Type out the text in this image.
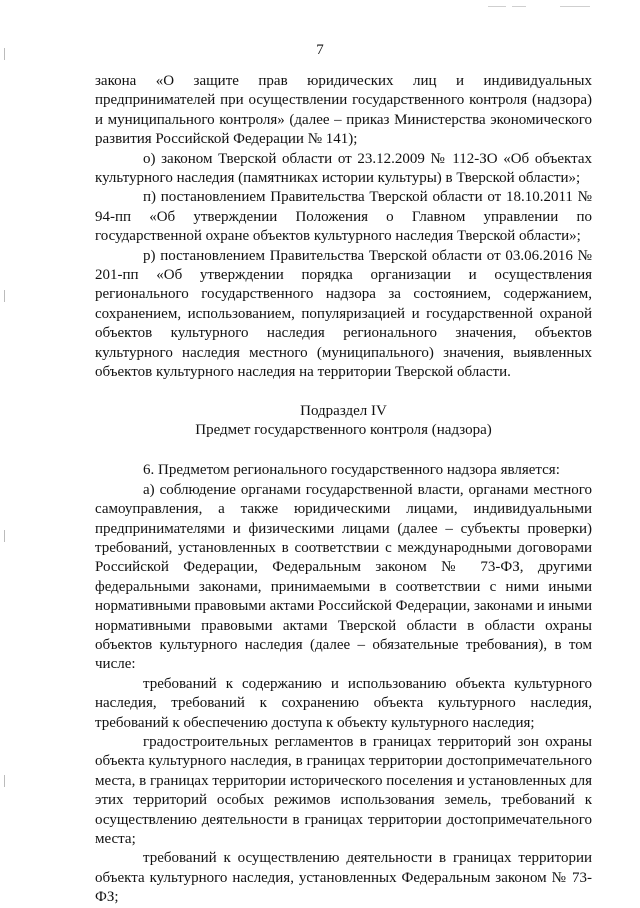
7

закона «О защите прав юридических лиц и индивидуальных предпринимателей при осуществлении государственного контроля (надзора) и муниципального контроля» (далее – приказ Министерства экономического развития Российской Федерации № 141);

о) законом Тверской области от 23.12.2009 № 112-ЗО «Об объектах культурного наследия (памятниках истории культуры) в Тверской области»;

п) постановлением Правительства Тверской области от 18.10.2011 № 94-пп «Об утверждении Положения о Главном управлении по государственной охране объектов культурного наследия Тверской области»;

р) постановлением Правительства Тверской области от 03.06.2016 № 201-пп «Об утверждении порядка организации и осуществления регионального государственного надзора за состоянием, содержанием, сохранением, использованием, популяризацией и государственной охраной объектов культурного наследия регионального значения, объектов культурного наследия местного (муниципального) значения, выявленных объектов культурного наследия на территории Тверской области.

Подраздел IV

Предмет государственного контроля (надзора)

6. Предметом регионального государственного надзора является:

а) соблюдение органами государственной власти, органами местного самоуправления, а также юридическими лицами, индивидуальными предпринимателями и физическими лицами (далее – субъекты проверки) требований, установленных в соответствии с международными договорами Российской Федерации, Федеральным законом № 73-ФЗ, другими федеральными законами, принимаемыми в соответствии с ними иными нормативными правовыми актами Российской Федерации, законами и иными нормативными правовыми актами Тверской области в области охраны объектов культурного наследия (далее – обязательные требования), в том числе:

требований к содержанию и использованию объекта культурного наследия, требований к сохранению объекта культурного наследия, требований к обеспечению доступа к объекту культурного наследия;

градостроительных регламентов в границах территорий зон охраны объекта культурного наследия, в границах территории достопримечательного места, в границах территории исторического поселения и установленных для этих территорий особых режимов использования земель, требований к осуществлению деятельности в границах территории достопримечательного места;

требований к осуществлению деятельности в границах территории объекта культурного наследия, установленных Федеральным законом № 73-ФЗ;
